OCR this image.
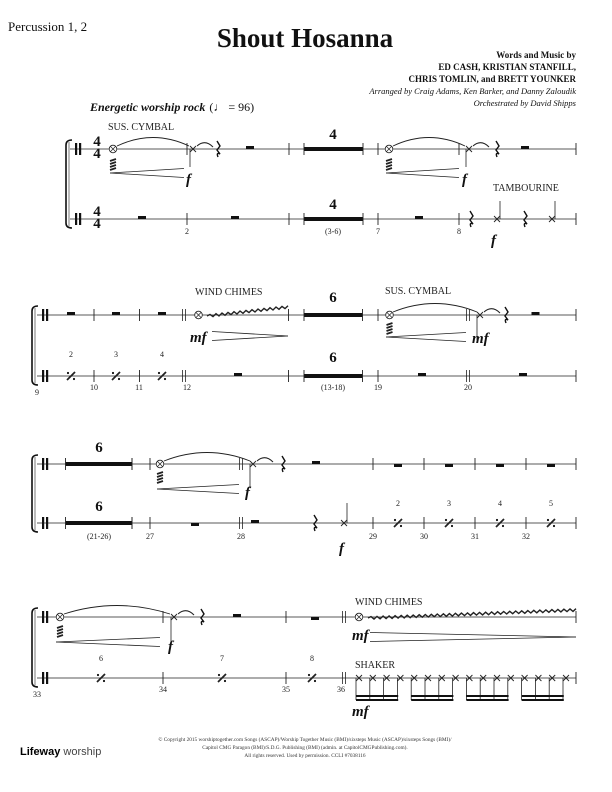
Percussion 1, 2	Shout Hosanna
Words and Music by
ED CASH, KRISTIAN STANFILL,
CHRIS TOMLIN, and BRETT YOUNKER
Arranged by Craig Adams, Ken Barker, and Danny Zaloudik
Orchestrated by David Shipps
Energetic worship rock (♩ = 96)
4
4
4
4
SUS. CYMBAL
TAMBOURINE
f	f
f
4
4
(3-6)
2	7	8
WIND CHIMES	SUS. CYMBAL
mf	mf
6
6
(13-18)
2	3	4
9
10	11	12	19	20
f
f
6
6
(21-26)
2	3	4	5
27	28	29	30	31	32
WIND CHIMES
SHAKER
f
mf
mf
6	7	8
33
34	35	36
Lifeway worship
© Copyright 2015 worshiptogether.com Songs (ASCAP)/Worship Together Music (BMI)/sixsteps Music (ASCAP)/sixsteps Songs (BMI)/
Capitol CMG Paragon (BMI)/S.D.G. Publishing (BMI) (admin. at CapitolCMGPublishing.com).
All rights reserved. Used by permission. CCLI #7038116
